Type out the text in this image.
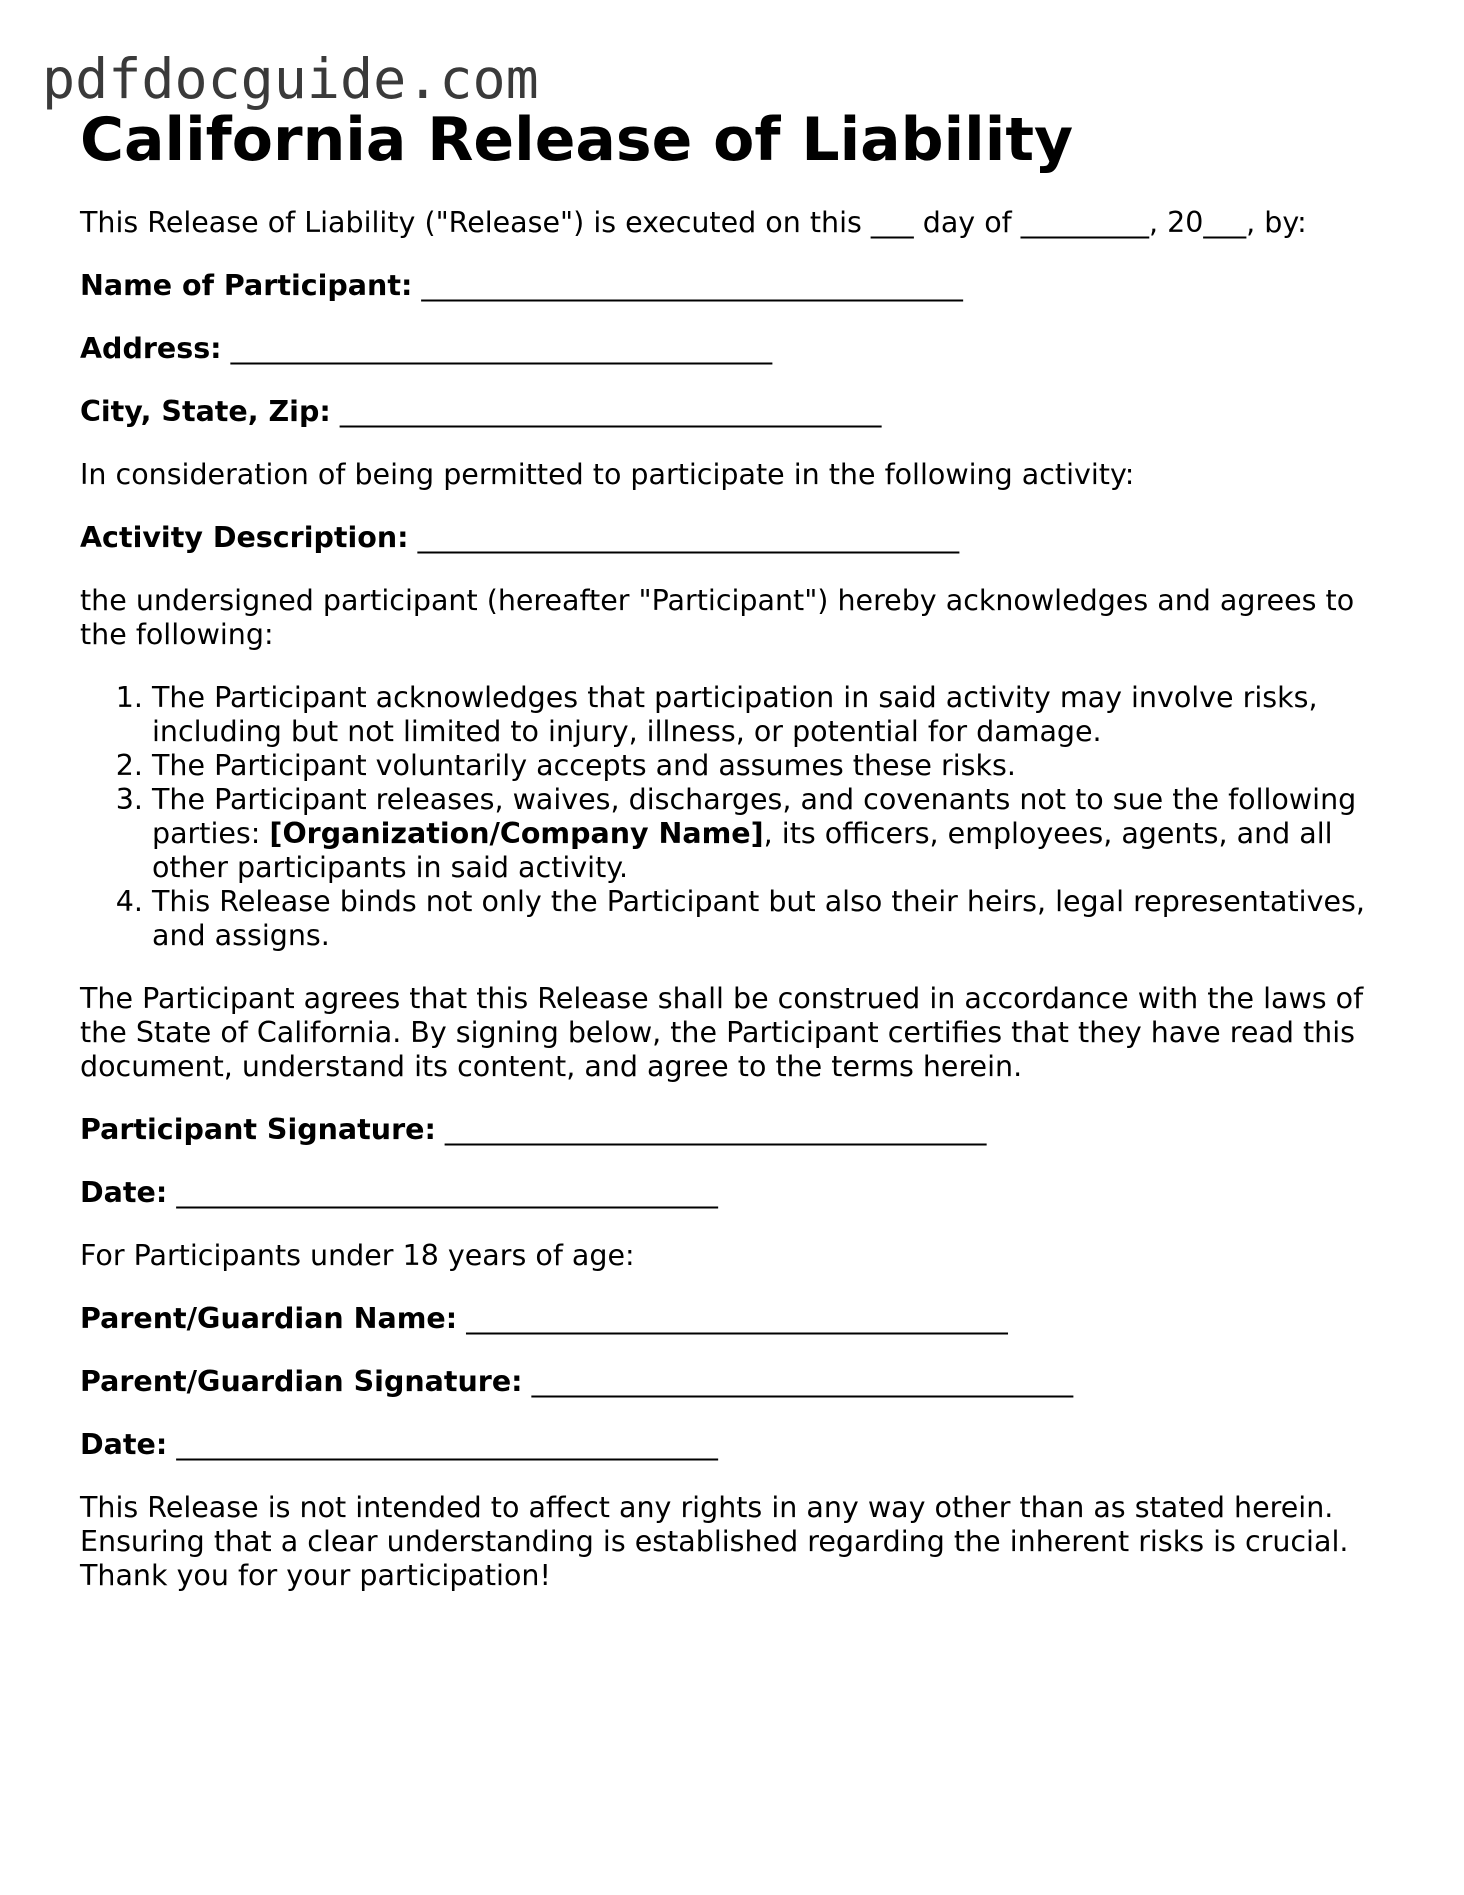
pdfdocguide.com
California Release of Liability

This Release of Liability ("Release") is executed on this ___ day of _________, 20___, by:

Name of Participant: ______________________________________

Address: ______________________________________

City, State, Zip: ______________________________________

In consideration of being permitted to participate in the following activity:

Activity Description: ______________________________________

the undersigned participant (hereafter "Participant") hereby acknowledges and agrees to the following:

1. The Participant acknowledges that participation in said activity may involve risks, including but not limited to injury, illness, or potential for damage.
2. The Participant voluntarily accepts and assumes these risks.
3. The Participant releases, waives, discharges, and covenants not to sue the following parties: [Organization/Company Name], its officers, employees, agents, and all other participants in said activity.
4. This Release binds not only the Participant but also their heirs, legal representatives, and assigns.

The Participant agrees that this Release shall be construed in accordance with the laws of the State of California. By signing below, the Participant certifies that they have read this document, understand its content, and agree to the terms herein.

Participant Signature: ______________________________________

Date: ______________________________________

For Participants under 18 years of age:

Parent/Guardian Name: ______________________________________

Parent/Guardian Signature: ______________________________________

Date: ______________________________________

This Release is not intended to affect any rights in any way other than as stated herein. Ensuring that a clear understanding is established regarding the inherent risks is crucial. Thank you for your participation!
